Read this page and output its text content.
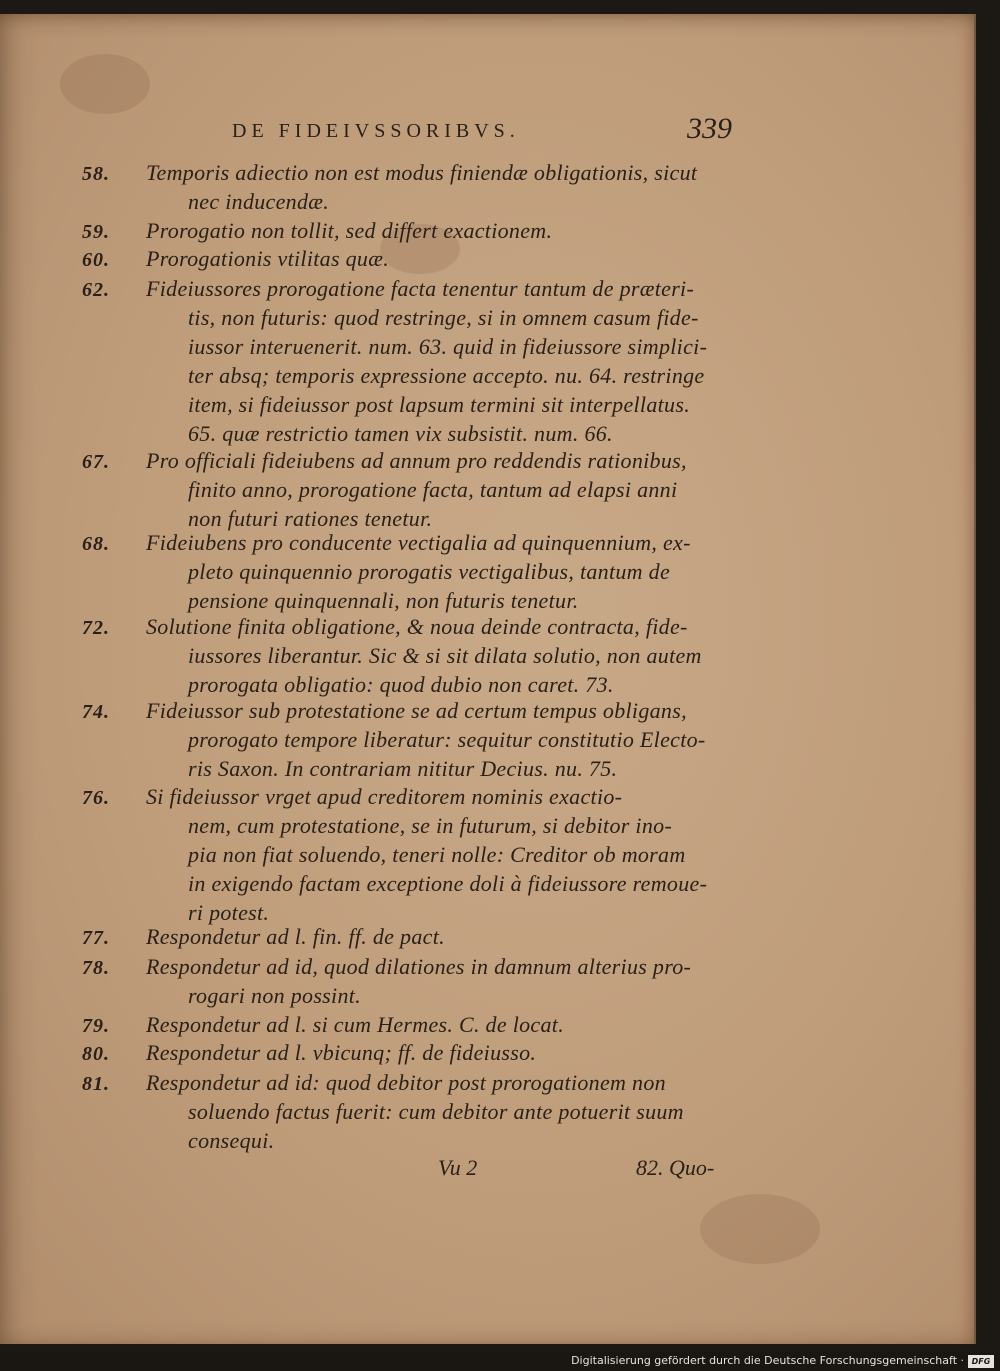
DE FIDEIVSSORIBVS.	339
58. Temporis adiectio non est modus finiendæ obligationis, sicut
nec inducendæ.
59. Prorogatio non tollit, sed differt exactionem.
60. Prorogationis vtilitas quæ.
62. Fideiussores prorogatione facta tenentur tantum de præteri-
tis, non futuris: quod restringe, si in omnem casum fide-
iussor interuenerit. num. 63. quid in fideiussore simplici-
ter absq; temporis expressione accepto. nu. 64. restringe
item, si fideiussor post lapsum termini sit interpellatus.
65. quæ restrictio tamen vix subsistit. num. 66.
67. Pro officiali fideiubens ad annum pro reddendis rationibus,
finito anno, prorogatione facta, tantum ad elapsi anni
non futuri rationes tenetur.
68. Fideiubens pro conducente vectigalia ad quinquennium, ex-
pleto quinquennio prorogatis vectigalibus, tantum de
pensione quinquennali, non futuris tenetur.
72. Solutione finita obligatione, & noua deinde contracta, fide-
iussores liberantur. Sic & si sit dilata solutio, non autem
prorogata obligatio: quod dubio non caret. 73.
74. Fideiussor sub protestatione se ad certum tempus obligans,
prorogato tempore liberatur: sequitur constitutio Electo-
ris Saxon. In contrariam nititur Decius. nu. 75.
76. Si fideiussor vrget apud creditorem nominis exactio-
nem, cum protestatione, se in futurum, si debitor ino-
pia non fiat soluendo, teneri nolle: Creditor ob moram
in exigendo factam exceptione doli à fideiussore remoue-
ri potest.
77. Respondetur ad l. fin. ff. de pact.
78. Respondetur ad id, quod dilationes in damnum alterius pro-
rogari non possint.
79. Respondetur ad l. si cum Hermes. C. de locat.
80. Respondetur ad l. vbicunq; ff. de fideiusso.
81. Respondetur ad id: quod debitor post prorogationem non
soluendo factus fuerit: cum debitor ante potuerit suum
consequi.
Vu 2	82. Quo-
Digitalisierung gefördert durch die Deutsche Forschungsgemeinschaft · DFG
